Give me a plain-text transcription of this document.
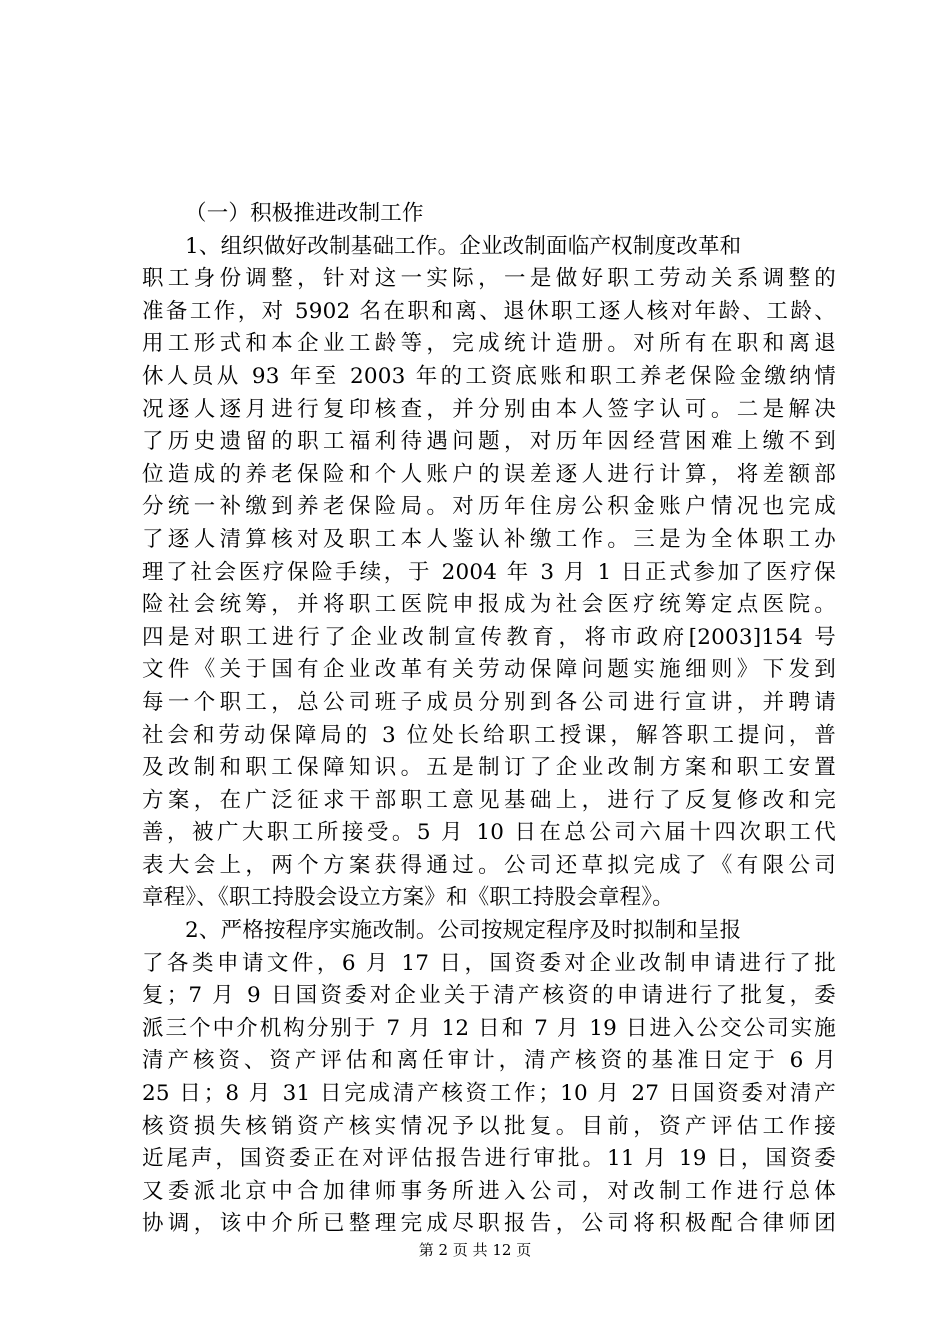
（一）积极推进改制工作
1、组织做好改制基础工作。企业改制面临产权制度改革和
职工身份调整，针对这一实际，一是做好职工劳动关系调整的
准备工作，对 5902 名在职和离、退休职工逐人核对年龄、工龄、
用工形式和本企业工龄等，完成统计造册。对所有在职和离退
休人员从 93 年至 2003 年的工资底账和职工养老保险金缴纳情
况逐人逐月进行复印核查，并分别由本人签字认可。二是解决
了历史遗留的职工福利待遇问题，对历年因经营困难上缴不到
位造成的养老保险和个人账户的误差逐人进行计算，将差额部
分统一补缴到养老保险局。对历年住房公积金账户情况也完成
了逐人清算核对及职工本人鉴认补缴工作。三是为全体职工办
理了社会医疗保险手续，于 2004 年 3 月 1 日正式参加了医疗保
险社会统筹，并将职工医院申报成为社会医疗统筹定点医院。
四是对职工进行了企业改制宣传教育，将市政府[2003]154 号
文件《关于国有企业改革有关劳动保障问题实施细则》下发到
每一个职工，总公司班子成员分别到各公司进行宣讲，并聘请
社会和劳动保障局的 3 位处长给职工授课，解答职工提问，普
及改制和职工保障知识。五是制订了企业改制方案和职工安置
方案，在广泛征求干部职工意见基础上，进行了反复修改和完
善，被广大职工所接受。5 月 10 日在总公司六届十四次职工代
表大会上，两个方案获得通过。公司还草拟完成了《有限公司
章程》、《职工持股会设立方案》和《职工持股会章程》。
2、严格按程序实施改制。公司按规定程序及时拟制和呈报
了各类申请文件，6 月 17 日，国资委对企业改制申请进行了批
复；7 月 9 日国资委对企业关于清产核资的申请进行了批复，委
派三个中介机构分别于 7 月 12 日和 7 月 19 日进入公交公司实施
清产核资、资产评估和离任审计，清产核资的基准日定于 6 月
25 日；8 月 31 日完成清产核资工作；10 月 27 日国资委对清产
核资损失核销资产核实情况予以批复。目前，资产评估工作接
近尾声，国资委正在对评估报告进行审批。11 月 19 日，国资委
又委派北京中合加律师事务所进入公司，对改制工作进行总体
协调，该中介所已整理完成尽职报告，公司将积极配合律师团
第 2 页 共 12 页
